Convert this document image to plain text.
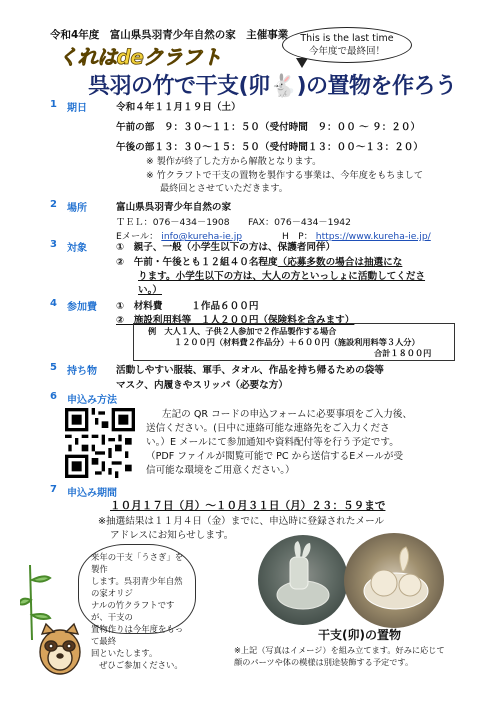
令和4年度　富山県呉羽青少年自然の家　主催事業
くれはdeクラフト
This is the last time
今年度で最終回！
呉羽の竹で干支(卯🐇)の置物を作ろう
1 期日	令和４年１１月１９日（土）
午前の部　９：３０～１１：５０（受付時間　９：００ ～ ９：２０）
午後の部１３：３０～１５：５０（受付時間１３：００～１３：２０）
※ 製作が終了した方から解散となります。
※ 竹クラフトで干支の置物を製作する事業は、今年度をもちまして
最終回とさせていただきます。
2 場所	富山県呉羽青少年自然の家
ＴＥＬ：076－434－1908　　FAX：076－434－1942
Eメール： info@kureha-ie.jp	H　P： https://www.kureha-ie.jp/
3 対象	①　親子、一般（小学生以下の方は、保護者同伴）
②　午前・午後とも１２組４０名程度（応募多数の場合は抽選にな
ります。小学生以下の方は、大人の方といっしょに活動してくださ
い。）
4 参加費 ①　材料費　　　１作品６００円
②　施設利用料等　１人２００円（保険料を含みます）
例　大人１人、子供２人参加で２作品製作する場合
１２００円（材料費２作品分）＋６００円（施設利用料等３人分）
合計１８００円
5 持ち物 活動しやすい服装、軍手、タオル、作品を持ち帰るための袋等
マスク、内履きやスリッパ（必要な方）
6 申込み方法
左記の QR コードの申込フォームに必要事項をご入力後、
送信ください。(日中に連絡可能な連絡先をご入力くださ
い。）E メールにて参加通知や資料配付等を行う予定です。
（PDF ファイルが閲覧可能で PC から送信するEメールが受
信可能な環境をご用意ください。）
7 申込み期間
１０月１７日（月）～１０月３１日（月）２３：５９まで
※抽選結果は１１月４日（金）までに、申込時に登録されたメール
アドレスにお知らせします。
来年の干支「うさぎ」を製作
します。呉羽青少年自然の家オリジ
ナルの竹クラフトですが、干支の
置物作りは今年度をもって最終
回といたします。
ぜひご参加ください。
干支(卯)の置物
※上記（写真はイメージ）を組み立てます。好みに応じて
顔のパーツや体の模様は別途装飾する予定です。
